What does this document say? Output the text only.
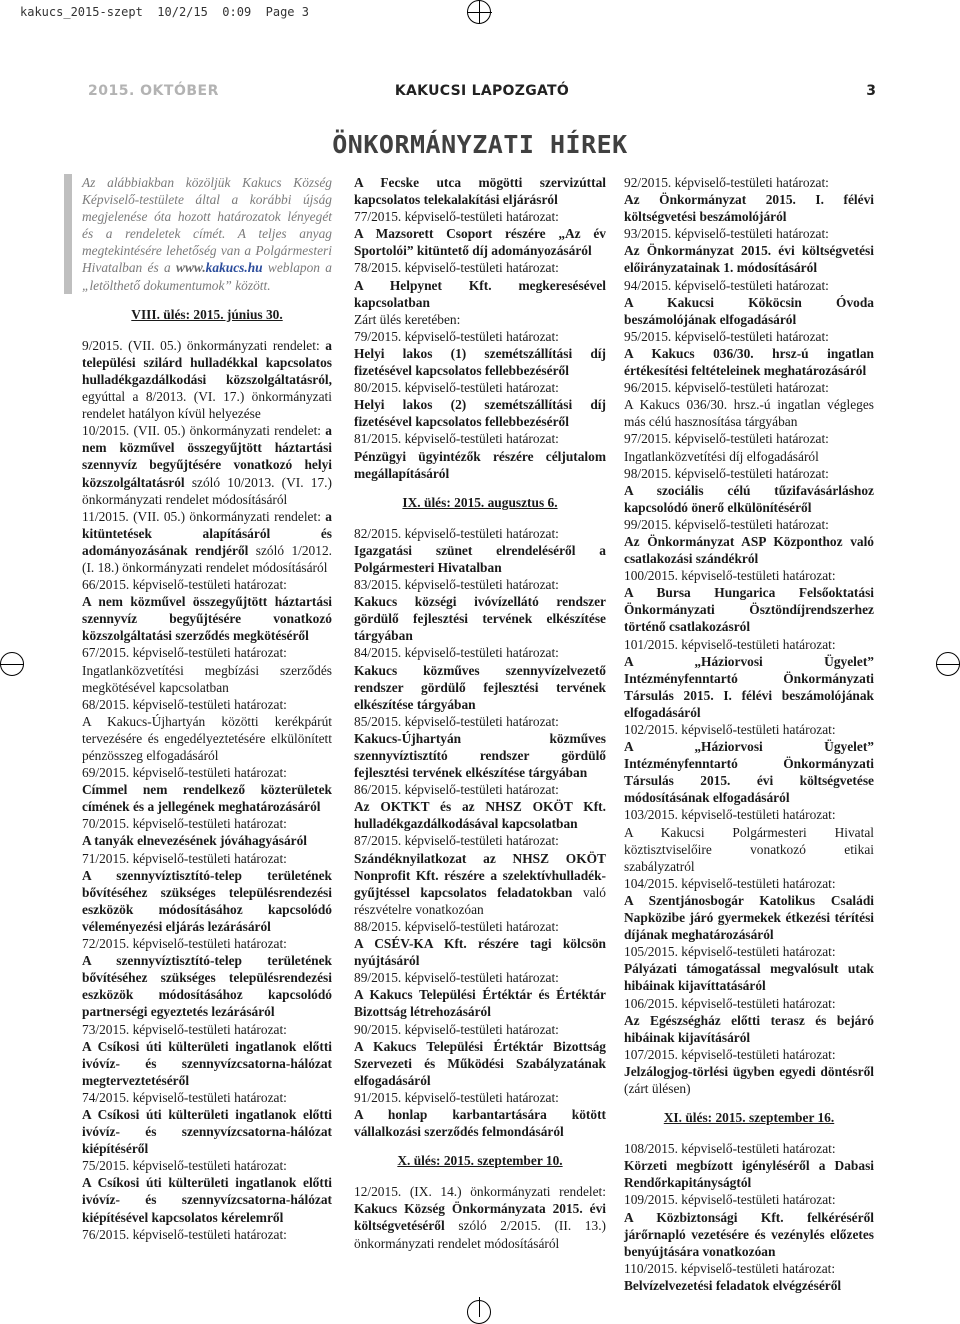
kakucs_2015-szept  10/2/15  0:09  Page 3
2015. OKTÓBER	KAKUCSI LAPOZGATÓ	3
ÖNKORMÁNYZATI HÍREK

Az alábbiakban közöljük Kakucs Község Képviselő-testülete által a korábbi újság megjelenése óta hozott határozatok lényegét és a rendeletek címét. A teljes anyag megtekintésére lehetőség van a Polgármesteri Hivatalban és a www.kakucs.hu weblapon a „letölthető dokumentumok” között.

VIII. ülés: 2015. június 30.

9/2015. (VII. 05.) önkormányzati rendelet: a települési szilárd hulladékkal kapcsolatos hulladékgazdálkodási közszolgáltatásról, egyúttal a 8/2013. (VI. 17.) önkormányzati rendelet hatályon kívül helyezése

10/2015. (VII. 05.) önkormányzati rendelet: a nem közművel összegyűjtött háztartási szennyvíz begyűjtésére vonatkozó helyi közszolgáltatásról szóló 10/2013. (VI. 17.) önkormányzati rendelet módosításáról

11/2015. (VII. 05.) önkormányzati rendelet: a kitüntetések alapításáról és adományozásának rendjéről szóló 1/2012. (I. 18.) önkormányzati rendelet módosításáról

66/2015. képviselő-testületi határozat:

A nem közművel összegyűjtött háztartási szennyvíz begyűjtésére vonatkozó közszolgáltatási szerződés megkötéséről

67/2015. képviselő-testületi határozat:

Ingatlanközvetítési megbízási szerződés megkötésével kapcsolatban

68/2015. képviselő-testületi határozat:

A Kakucs-Újhartyán közötti kerékpárút tervezésére és engedélyeztetésére elkülönített pénzösszeg elfogadásáról

69/2015. képviselő-testületi határozat:

Címmel nem rendelkező közterületek címének és a jellegének meghatározásáról

70/2015. képviselő-testületi határozat:

A tanyák elnevezésének jóváhagyásáról

71/2015. képviselő-testületi határozat:

A szennyvíztisztító-telep területének bővítéséhez szükséges településrendezési eszközök módosításához kapcsolódó véleményezési eljárás lezárásáról

72/2015. képviselő-testületi határozat:

A szennyvíztisztító-telep területének bővítéséhez szükséges településrendezési eszközök módosításához kapcsolódó partnerségi egyeztetés lezárásáról

73/2015. képviselő-testületi határozat:

A Csíkosi úti külterületi ingatlanok előtti ivóvíz- és szennyvízcsatorna-hálózat megterveztetéséről

74/2015. képviselő-testületi határozat:

A Csíkosi úti külterületi ingatlanok előtti ivóvíz- és szennyvízcsatorna-hálózat kiépítéséről

75/2015. képviselő-testületi határozat:

A Csíkosi úti külterületi ingatlanok előtti ivóvíz- és szennyvízcsatorna-hálózat kiépítésével kapcsolatos kérelemről

76/2015. képviselő-testületi határozat:

A Fecske utca mögötti szervizúttal kapcsolatos telekalakítási eljárásról

77/2015. képviselő-testületi határozat:

A Mazsorett Csoport részére „Az év Sportolói” kitüntető díj adományozásáról

78/2015. képviselő-testületi határozat:

A Helpynet Kft. megkeresésével kapcsolatban

Zárt ülés keretében:

79/2015. képviselő-testületi határozat:

Helyi lakos (1) szemétszállítási díj fizetésével kapcsolatos fellebbezéséről

80/2015. képviselő-testületi határozat:

Helyi lakos (2) szemétszállítási díj fizetésével kapcsolatos fellebbezéséről

81/2015. képviselő-testületi határozat:

Pénzügyi ügyintézők részére céljutalom megállapításáról

IX. ülés: 2015. augusztus 6.

82/2015. képviselő-testületi határozat:

Igazgatási szünet elrendeléséről a Polgármesteri Hivatalban

83/2015. képviselő-testületi határozat:

Kakucs községi ivóvízellátó rendszer gördülő fejlesztési tervének elkészítése tárgyában

84/2015. képviselő-testületi határozat:

Kakucs közműves szennyvízelvezető rendszer gördülő fejlesztési tervének elkészítése tárgyában

85/2015. képviselő-testületi határozat:

Kakucs-Újhartyán közműves szennyvíztisztító rendszer gördülő fejlesztési tervének elkészítése tárgyában

86/2015. képviselő-testületi határozat:

Az OKTKT és az NHSZ OKÖT Kft. hulladékgazdálkodásával kapcsolatban

87/2015. képviselő-testületi határozat:

Szándéknyilatkozat az NHSZ OKÖT Nonprofit Kft. részére a szelektívhulladék-gyűjtéssel kapcsolatos feladatokban való részvételre vonatkozóan

88/2015. képviselő-testületi határozat:

A CSÉV-KA Kft. részére tagi kölcsön nyújtásáról

89/2015. képviselő-testületi határozat:

A Kakucs Települési Értéktár és Értéktár Bizottság létrehozásáról

90/2015. képviselő-testületi határozat:

A Kakucs Települési Értéktár Bizottság Szervezeti és Működési Szabályzatának elfogadásáról

91/2015. képviselő-testületi határozat:

A honlap karbantartására kötött vállalkozási szerződés felmondásáról

X. ülés: 2015. szeptember 10.

12/2015. (IX. 14.) önkormányzati rendelet: Kakucs Község Önkormányzata 2015. évi költségvetéséről szóló 2/2015. (II. 13.) önkormányzati rendelet módosításáról

92/2015. képviselő-testületi határozat:

Az Önkormányzat 2015. I. félévi költségvetési beszámolójáról

93/2015. képviselő-testületi határozat:

Az Önkormányzat 2015. évi költségvetési előirányzatainak 1. módosításáról

94/2015. képviselő-testületi határozat:

A Kakucsi Kököcsin Óvoda beszámolójának elfogadásáról

95/2015. képviselő-testületi határozat:

A Kakucs 036/30. hrsz-ú ingatlan értékesítési feltételeinek meghatározásáról

96/2015. képviselő-testületi határozat:

A Kakucs 036/30. hrsz.-ú ingatlan végleges más célú hasznosítása tárgyában

97/2015. képviselő-testületi határozat:

Ingatlanközvetítési díj elfogadásáról

98/2015. képviselő-testületi határozat:

A szociális célú tűzifavásárláshoz kapcsolódó önerő elkülönítéséről

99/2015. képviselő-testületi határozat:

Az Önkormányzat ASP Központhoz való csatlakozási szándékról

100/2015. képviselő-testületi határozat:

A Bursa Hungarica Felsőoktatási Önkormányzati Ösztöndíjrendszerhez történő csatlakozásról

101/2015. képviselő-testületi határozat:

A „Háziorvosi Ügyelet” Intézményfenntartó Önkormányzati Társulás 2015. I. félévi beszámolójának elfogadásáról

102/2015. képviselő-testületi határozat:

A „Háziorvosi Ügyelet” Intézményfenntartó Önkormányzati Társulás 2015. évi költségvetése módosításának elfogadásáról

103/2015. képviselő-testületi határozat:

A Kakucsi Polgármesteri Hivatal köztisztviselőire vonatkozó etikai szabályzatról

104/2015. képviselő-testületi határozat:

A Szentjánosbogár Katolikus Családi Napközibe járó gyermekek étkezési térítési díjának meghatározásáról

105/2015. képviselő-testületi határozat:

Pályázati támogatással megvalósult utak hibáinak kijavíttatásáról

106/2015. képviselő-testületi határozat:

Az Egészségház előtti terasz és bejáró hibáinak kijavításáról

107/2015. képviselő-testületi határozat:

Jelzálogjog-törlési ügyben egyedi döntésről (zárt ülésen)

XI. ülés: 2015. szeptember 16.

108/2015. képviselő-testületi határozat:

Körzeti megbízott igényléséről a Dabasi Rendőrkapitányságtól

109/2015. képviselő-testületi határozat:

A Közbiztonsági Kft. felkéréséről járőrnapló vezetésére és vezénylés előzetes benyújtására vonatkozóan

110/2015. képviselő-testületi határozat:

Belvízelvezetési feladatok elvégzéséről
